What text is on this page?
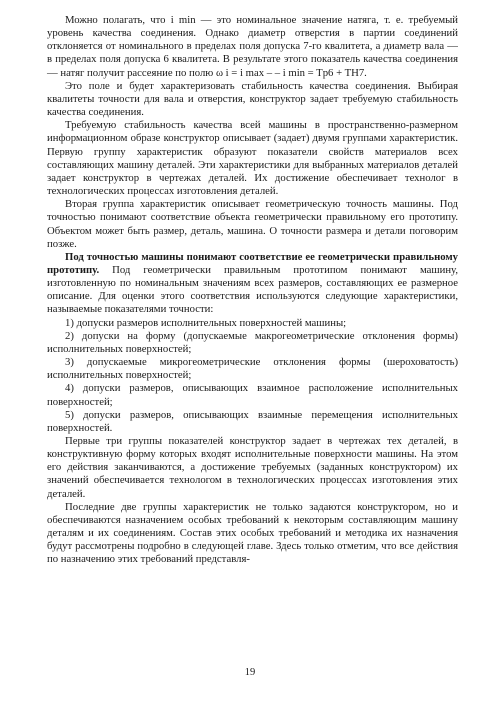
Можно полагать, что i min — это номинальное значение натяга, т. е. требуемый уровень качества соединения. Однако диаметр отверстия в партии соединений отклоняется от номинального в пределах поля допуска 7-го квалитета, а диаметр вала — в пределах поля допуска 6 квалитета. В результате этого показатель качества соединения — натяг получит рассеяние по полю ω i = i max – – i min = Tp6 + TH7.

Это поле и будет характеризовать стабильность качества соединения. Выбирая квалитеты точности для вала и отверстия, конструктор задает требуемую стабильность качества соединения.

Требуемую стабильность качества всей машины в пространственно-размерном информационном образе конструктор описывает (задает) двумя группами характеристик. Первую группу характеристик образуют показатели свойств материалов всех составляющих машину деталей. Эти характеристики для выбранных материалов деталей задает конструктор в чертежах деталей. Их достижение обеспечивает технолог в технологических процессах изготовления деталей.

Вторая группа характеристик описывает геометрическую точность машины. Под точностью понимают соответствие объекта геометрически правильному его прототипу. Объектом может быть размер, деталь, машина. О точности размера и детали поговорим позже.

Под точностью машины понимают соответствие ее геометрически правильному прототипу. Под геометрически правильным прототипом понимают машину, изготовленную по номинальным значениям всех размеров, составляющих ее размерное описание. Для оценки этого соответствия используются следующие характеристики, называемые показателями точности:

1) допуски размеров исполнительных поверхностей машины;

2) допуски на форму (допускаемые макрогеометрические отклонения формы) исполнительных поверхностей;

3) допускаемые микрогеометрические отклонения формы (шероховатость) исполнительных поверхностей;

4) допуски размеров, описывающих взаимное расположение исполнительных поверхностей;

5) допуски размеров, описывающих взаимные перемещения исполнительных поверхностей.

Первые три группы показателей конструктор задает в чертежах тех деталей, в конструктивную форму которых входят исполнительные поверхности машины. На этом его действия заканчиваются, а достижение требуемых (заданных конструктором) их значений обеспечивается технологом в технологических процессах изготовления этих деталей.

Последние две группы характеристик не только задаются конструктором, но и обеспечиваются назначением особых требований к некоторым составляющим машину деталям и их соединениям. Состав этих особых требований и методика их назначения будут рассмотрены подробно в следующей главе. Здесь только отметим, что все действия по назначению этих требований представля-

19
